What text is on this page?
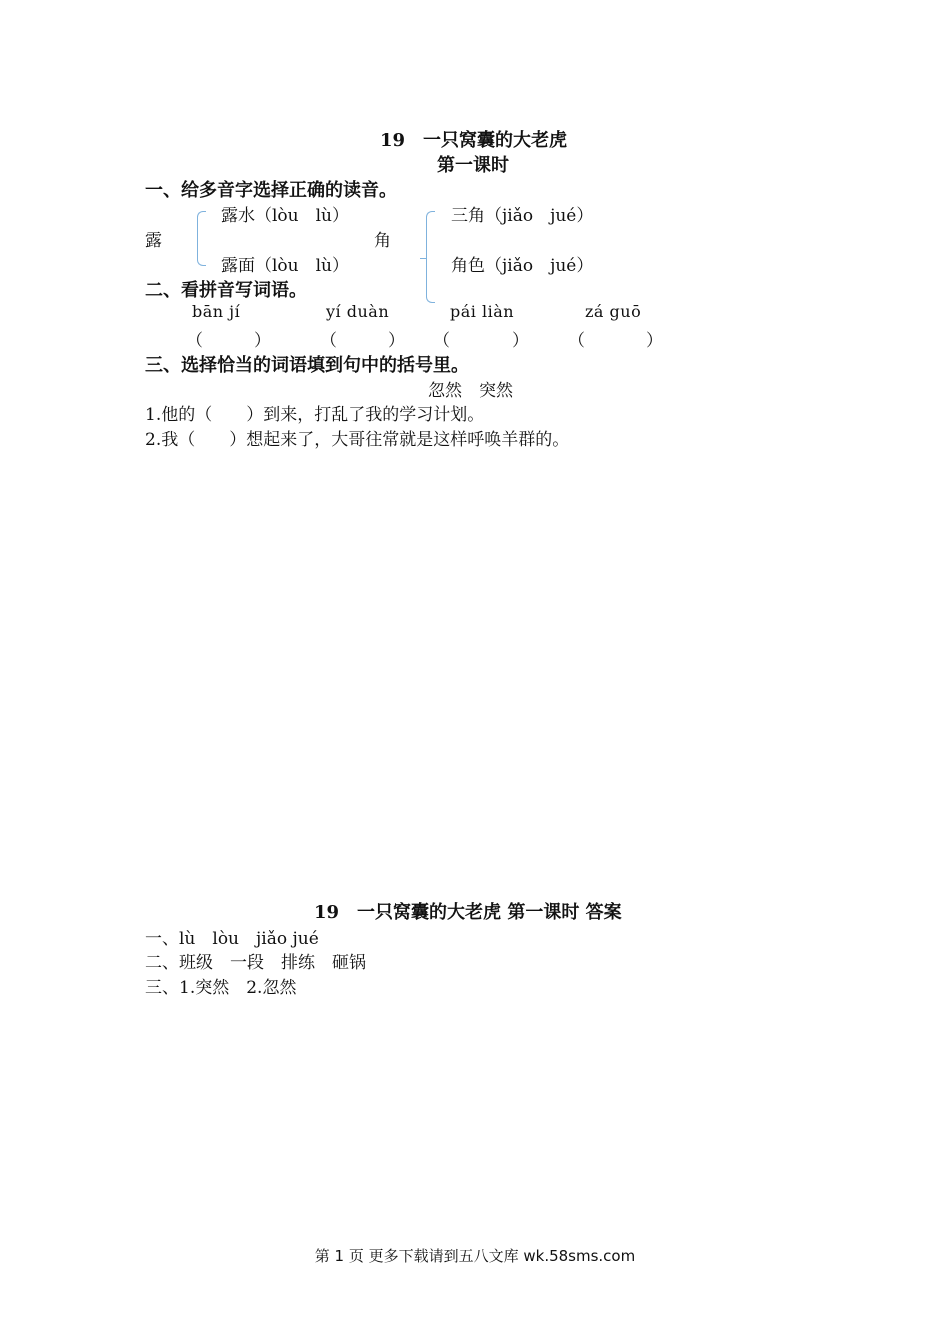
19　一只窝囊的大老虎
第一课时
一、给多音字选择正确的读音。
露水（lòu　lù）
露
露面（lòu　lù）
三角（jiǎo　jué）
角
角色（jiǎo　jué）
二、看拼音写词语。
bān jí	yí duàn	pái liàn	zá guō
（	）	（	） （	） （	）
三、选择恰当的词语填到句中的括号里。
忽然　突然
1.他的（　　）到来，打乱了我的学习计划。
2.我（　　）想起来了，大哥往常就是这样呼唤羊群的。
19　一只窝囊的大老虎 第一课时 答案
一、lù　lòu　jiǎo jué
二、班级　一段　排练　砸锅
三、1.突然　2.忽然
第 1 页 更多下载请到五八文库 wk.58sms.com
